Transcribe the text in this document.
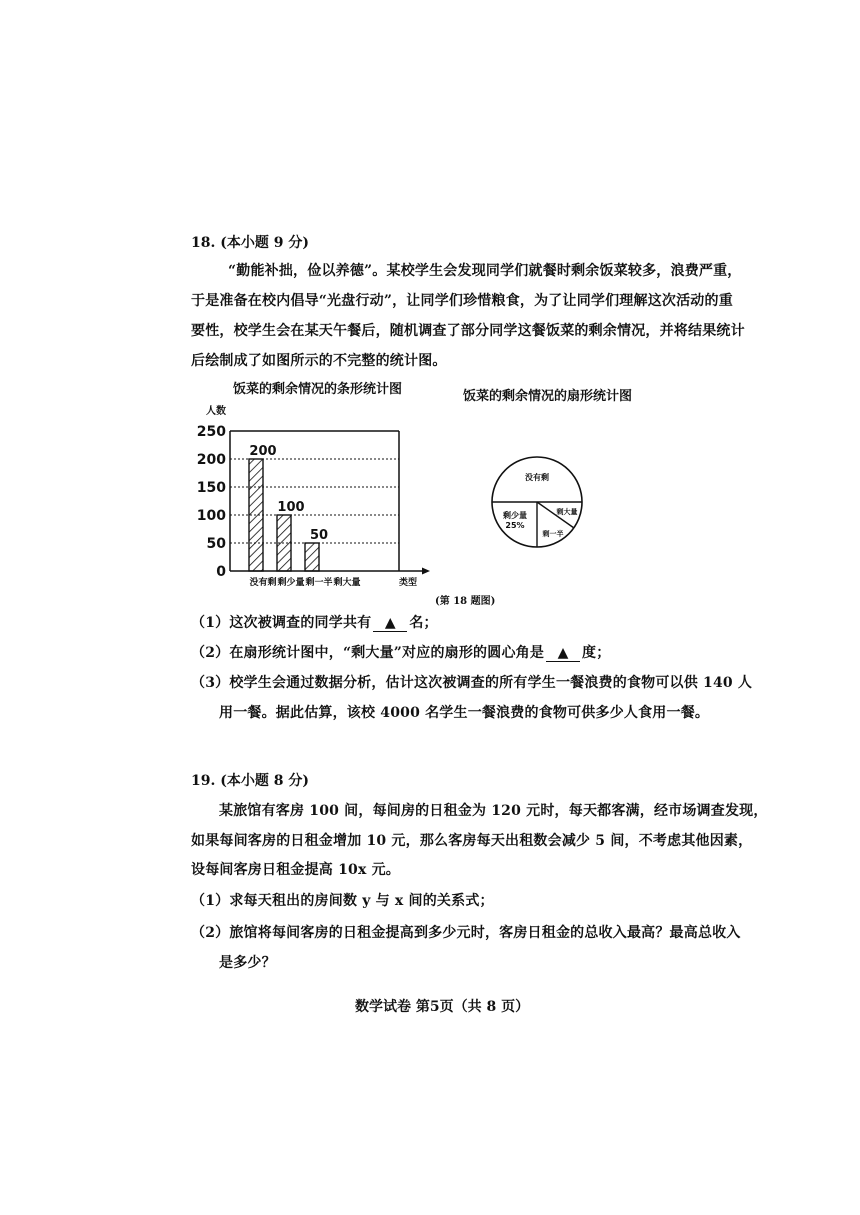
18. (本小题 9 分)
“勤能补拙，俭以养德”。某校学生会发现同学们就餐时剩余饭菜较多，浪费严重，
于是准备在校内倡导“光盘行动”，让同学们珍惜粮食，为了让同学们理解这次活动的重
要性，校学生会在某天午餐后，随机调查了部分同学这餐饭菜的剩余情况，并将结果统计
后绘制成了如图所示的不完整的统计图。
饭菜的剩余情况的条形统计图	饭菜的剩余情况的扇形统计图
人数
0
50
100
150
200
250
200
100
50
没有剩 剩少量 剩一半 剩大量	类型
没有剩
剩少量
25%
剩一半
剩大量
(第 18 题图)
（1）这次被调查的同学共有 ▲ 名；
（2）在扇形统计图中，“剩大量”对应的扇形的圆心角是 ▲ 度；
（3）校学生会通过数据分析，估计这次被调查的所有学生一餐浪费的食物可以供 140 人
用一餐。据此估算，该校 4000 名学生一餐浪费的食物可供多少人食用一餐。
19. (本小题 8 分)
某旅馆有客房 100 间，每间房的日租金为 120 元时，每天都客满，经市场调查发现，
如果每间客房的日租金增加 10 元，那么客房每天出租数会减少 5 间，不考虑其他因素，
设每间客房日租金提高 10x 元。
（1）求每天租出的房间数 y 与 x 间的关系式；
（2）旅馆将每间客房的日租金提高到多少元时，客房日租金的总收入最高？最高总收入
是多少？
数学试卷 第5页（共 8 页）
